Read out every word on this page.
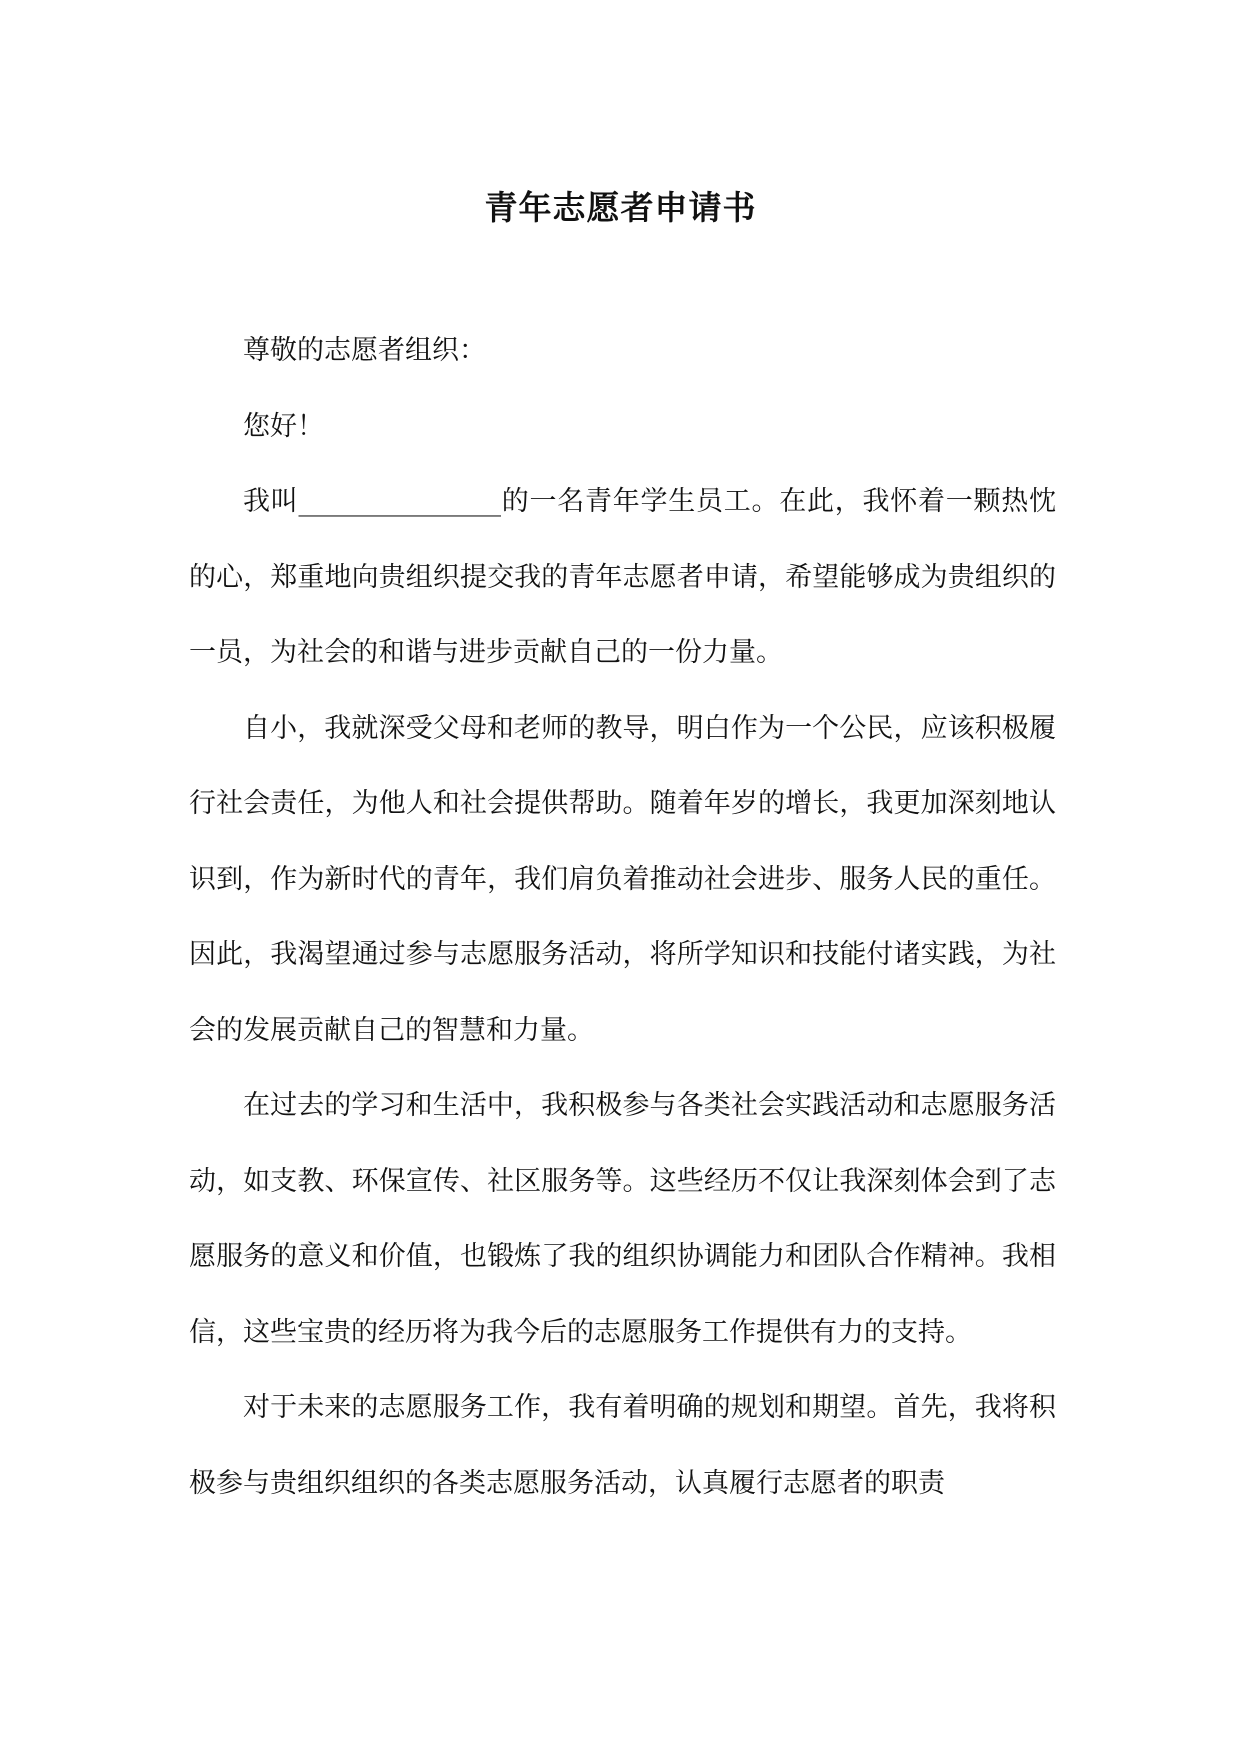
青年志愿者申请书

尊敬的志愿者组织：

您好！

我叫_______________的一名青年学生员工。在此，我怀着一颗热忱的心，郑重地向贵组织提交我的青年志愿者申请，希望能够成为贵组织的一员，为社会的和谐与进步贡献自己的一份力量。

自小，我就深受父母和老师的教导，明白作为一个公民，应该积极履行社会责任，为他人和社会提供帮助。随着年岁的增长，我更加深刻地认识到，作为新时代的青年，我们肩负着推动社会进步、服务人民的重任。因此，我渴望通过参与志愿服务活动，将所学知识和技能付诸实践，为社会的发展贡献自己的智慧和力量。

在过去的学习和生活中，我积极参与各类社会实践活动和志愿服务活动，如支教、环保宣传、社区服务等。这些经历不仅让我深刻体会到了志愿服务的意义和价值，也锻炼了我的组织协调能力和团队合作精神。我相信，这些宝贵的经历将为我今后的志愿服务工作提供有力的支持。

对于未来的志愿服务工作，我有着明确的规划和期望。首先，我将积极参与贵组织组织的各类志愿服务活动，认真履行志愿者的职责
